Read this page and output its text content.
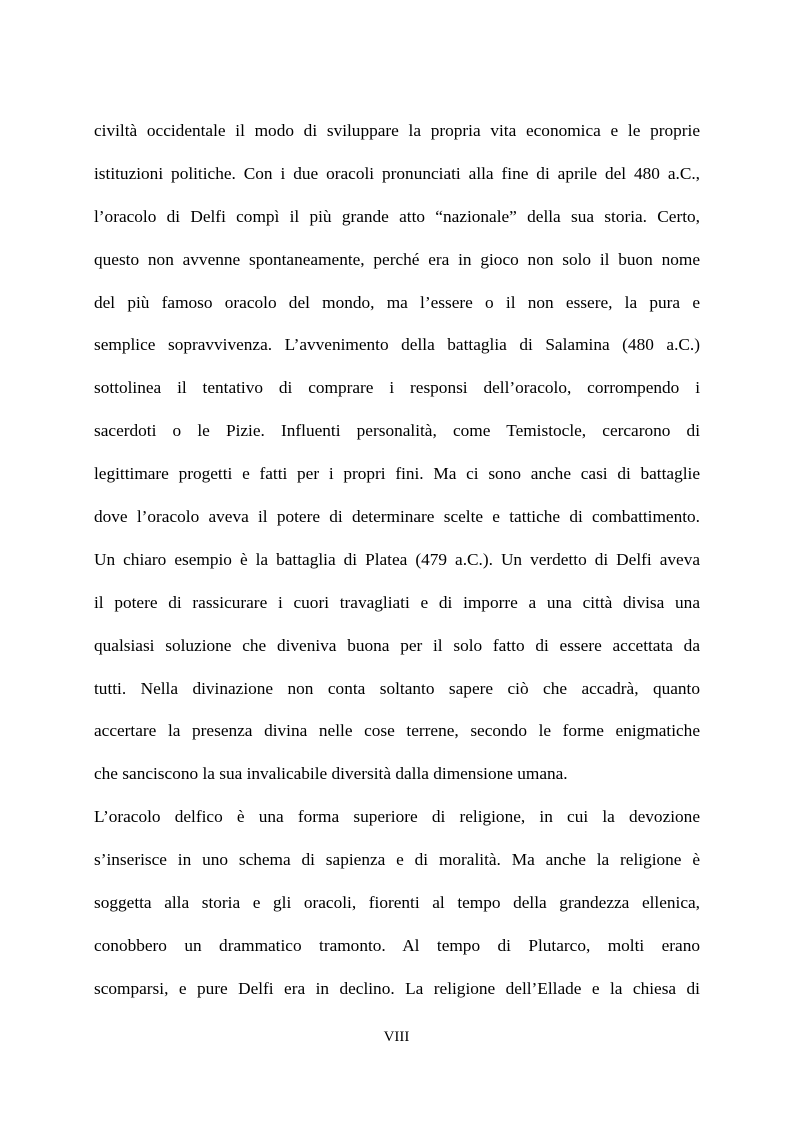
civiltà occidentale il modo di sviluppare la propria vita economica e le proprie
istituzioni politiche. Con i due oracoli pronunciati alla fine di aprile del 480 a.C.,
l’oracolo di Delfi compì il più grande atto “nazionale” della sua storia. Certo,
questo non avvenne spontaneamente, perché era in gioco non solo il buon nome
del più famoso oracolo del mondo, ma l’essere o il non essere, la pura e
semplice sopravvivenza. L’avvenimento della battaglia di Salamina (480 a.C.)
sottolinea il tentativo di comprare i responsi dell’oracolo, corrompendo i
sacerdoti o le Pizie. Influenti personalità, come Temistocle, cercarono di
legittimare progetti e fatti per i propri fini. Ma ci sono anche casi di battaglie
dove l’oracolo aveva il potere di determinare scelte e tattiche di combattimento.
Un chiaro esempio è la battaglia di Platea (479 a.C.). Un verdetto di Delfi aveva
il potere di rassicurare i cuori travagliati e di imporre a una città divisa una
qualsiasi soluzione che diveniva buona per il solo fatto di essere accettata da
tutti. Nella divinazione non conta soltanto sapere ciò che accadrà, quanto
accertare la presenza divina nelle cose terrene, secondo le forme enigmatiche
che sanciscono la sua invalicabile diversità dalla dimensione umana.

L’oracolo delfico è una forma superiore di religione, in cui la devozione
s’inserisce in uno schema di sapienza e di moralità. Ma anche la religione è
soggetta alla storia e gli oracoli, fiorenti al tempo della grandezza ellenica,
conobbero un drammatico tramonto. Al tempo di Plutarco, molti erano
scomparsi, e pure Delfi era in declino. La religione dell’Ellade e la chiesa di

VIII
